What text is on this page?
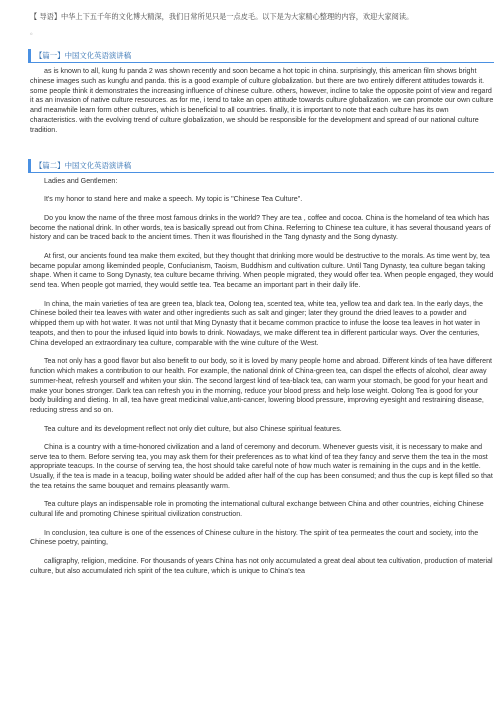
【 导语】中华上下五千年的文化博大精深，我们日常所见只是一点皮毛。以下是为大家精心整理的内容，欢迎大家阅读。
。
【篇一】中国文化英语演讲稿

as is known to all, kung fu panda 2 was shown recently and soon became a hot topic in china. surprisingly, this american film shows bright chinese images such as kungfu and panda. this is a good example of culture globalization. but there are two entirely different attitudes towards it. some people think it demonstrates the increasing influence of chinese culture. others, however, incline to take the opposite point of view and regard it as an invasion of native culture resources. as for me, i tend to take an open attitude towards culture globalization. we can promote our own culture and meanwhile learn form other cultures, which is beneficial to all countries. finally, it is important to note that each culture has its own characteristics. with the evolving trend of culture globalization, we should be responsible for the development and spread of our national culture tradition.

【篇二】中国文化英语演讲稿

Ladies and Gentlemen:

It's my honor to stand here and make a speech. My topic is "Chinese Tea Culture".

Do you know the name of the three most famous drinks in the world? They are tea , coffee and cocoa. China is the homeland of tea which has become the national drink. In other words, tea is basically spread out from China. Referring to Chinese tea culture, it has several thousand years of history and can be traced back to the ancient times. Then it was flourished in the Tang dynasty and the Song dynasty.

At first, our ancients found tea make them excited, but they thought that drinking more would be destructive to the morals. As time went by, tea became popular among likeminded people, Confucianism, Taoism, Buddhism and cultivation culture. Until Tang Dynasty, tea culture began taking shape. When it came to Song Dynasty, tea culture became thriving. When people migrated, they would offer tea. When people engaged, they would send tea. When people got married, they would settle tea. Tea became an important part in their daily life.

In china, the main varieties of tea are green tea, black tea, Oolong tea, scented tea, white tea, yellow tea and dark tea. In the early days, the Chinese boiled their tea leaves with water and other ingredients such as salt and ginger; later they ground the dried leaves to a powder and whipped them up with hot water. It was not until that Ming Dynasty that it became common practice to infuse the loose tea leaves in hot water in teapots, and then to pour the infused liquid into bowls to drink. Nowadays, we make different tea in different particular ways. Over the centuries, China developed an extraordinary tea culture, comparable with the wine culture of the West.

Tea not only has a good flavor but also benefit to our body, so it is loved by many people home and abroad. Different kinds of tea have different function which makes a contribution to our health. For example, the national drink of China-green tea, can dispel the effects of alcohol, clear away summer-heat, refresh yourself and whiten your skin. The second largest kind of tea-black tea, can warm your stomach, be good for your heart and make your bones stronger. Dark tea can refresh you in the morning, reduce your blood press and help lose weight. Oolong Tea is good for your body building and dieting. In all, tea have great medicinal value,anti-cancer, lowering blood pressure, improving eyesight and restraining disease, reducing stress and so on.

Tea culture and its development reflect not only diet culture, but also Chinese spiritual features.

China is a country with a time-honored civilization and a land of ceremony and decorum. Whenever guests visit, it is necessary to make and serve tea to them. Before serving tea, you may ask them for their preferences as to what kind of tea they fancy and serve them the tea in the most appropriate teacups. In the course of serving tea, the host should take careful note of how much water is remaining in the cups and in the kettle. Usually, if the tea is made in a teacup, boiling water should be added after half of the cup has been consumed; and thus the cup is kept filled so that the tea retains the same bouquet and remains pleasantly warm.

Tea culture plays an indispensable role in promoting the international cultural exchange between China and other countries, eiching Chinese cultural life and promoting Chinese spiritual civilization construction.

In conclusion, tea culture is one of the essences of Chinese culture in the history. The spirit of tea permeates the court and society, into the Chinese poetry, painting,

calligraphy, religion, medicine. For thousands of years China has not only accumulated a great deal about tea cultivation, production of material culture, but also accumulated rich spirit of the tea culture, which is unique to China's tea
